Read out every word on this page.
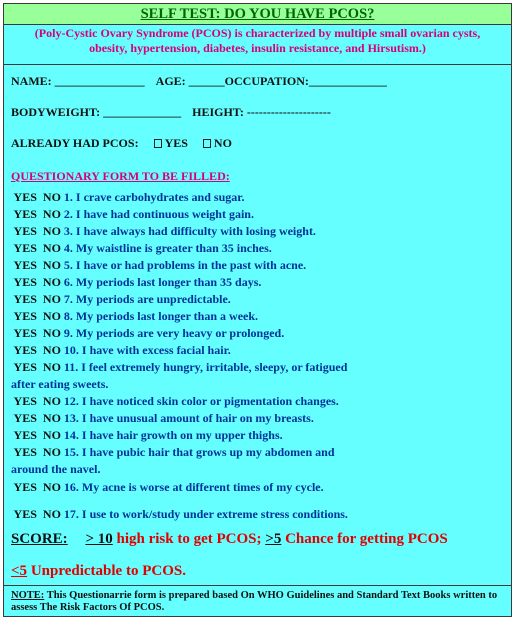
SELF TEST: DO YOU HAVE PCOS?
(Poly-Cystic Ovary Syndrome (PCOS) is characterized by multiple small ovarian cysts,
obesity, hypertension, diabetes, insulin resistance, and Hirsutism.)
NAME: _______________ AGE: ______OCCUPATION:_____________
BODYWEIGHT: _____________ HEIGHT: ---------------------
ALREADY HAD PCOS: YES NO
QUESTIONARY FORM TO BE FILLED:
YES  NO 1. I crave carbohydrates and sugar.
YES  NO 2. I have had continuous weight gain.
YES  NO 3. I have always had difficulty with losing weight.
YES  NO 4. My waistline is greater than 35 inches.
YES  NO 5. I have or had problems in the past with acne.
YES  NO 6. My periods last longer than 35 days.
YES  NO 7. My periods are unpredictable.
YES  NO 8. My periods last longer than a week.
YES  NO 9. My periods are very heavy or prolonged.
YES  NO 10. I have with excess facial hair.
YES  NO 11. I feel extremely hungry, irritable, sleepy, or fatigued
after eating sweets.
YES  NO 12. I have noticed skin color or pigmentation changes.
YES  NO 13. I have unusual amount of hair on my breasts.
YES  NO 14. I have hair growth on my upper thighs.
YES  NO 15. I have pubic hair that grows up my abdomen and
around the navel.
YES  NO 16. My acne is worse at different times of my cycle.
YES  NO 17. I use to work/study under extreme stress conditions.
SCORE: > 10 high risk to get PCOS; >5 Chance for getting PCOS
<5 Unpredictable to PCOS.
NOTE: This Questionarrie form is prepared based On WHO Guidelines and Standard Text Books written to
assess The Risk Factors Of PCOS.
